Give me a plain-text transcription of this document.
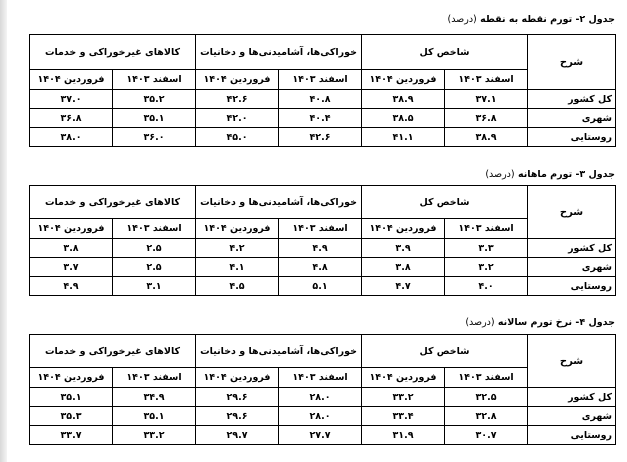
جدول ۲- تورم نقطه به نقطه (درصد)
شرح	شاخص کل		خوراکی‌ها، آشامیدنی‌ها و دخانیات		کالاهای غیرخوراکی و خدمات	
	اسفند ۱۴۰۳	فروردین ۱۴۰۴	اسفند ۱۴۰۳	فروردین ۱۴۰۴	اسفند ۱۴۰۳	فروردین ۱۴۰۴
کل کشور	۳۷.۱	۳۸.۹	۴۰.۸	۴۲.۶	۳۵.۲	۳۷.۰
شهری	۳۶.۸	۳۸.۵	۴۰.۴	۴۲.۰	۳۵.۱	۳۶.۸
روستایی	۳۸.۹	۴۱.۱	۴۲.۶	۴۵.۰	۳۶.۰	۳۸.۰
جدول ۳- تورم ماهانه (درصد)
شرح	شاخص کل		خوراکی‌ها، آشامیدنی‌ها و دخانیات		کالاهای غیرخوراکی و خدمات	
	اسفند ۱۴۰۳	فروردین ۱۴۰۴	اسفند ۱۴۰۳	فروردین ۱۴۰۴	اسفند ۱۴۰۳	فروردین ۱۴۰۴
کل کشور	۳.۳	۳.۹	۴.۹	۴.۲	۲.۵	۳.۸
شهری	۳.۲	۳.۸	۴.۸	۴.۱	۲.۵	۳.۷
روستایی	۴.۰	۴.۷	۵.۱	۴.۵	۳.۱	۴.۹
جدول ۴- نرخ تورم سالانه (درصد)
شرح	شاخص کل		خوراکی‌ها، آشامیدنی‌ها و دخانیات		کالاهای غیرخوراکی و خدمات	
	اسفند ۱۴۰۳	فروردین ۱۴۰۴	اسفند ۱۴۰۳	فروردین ۱۴۰۴	اسفند ۱۴۰۳	فروردین ۱۴۰۴
کل کشور	۳۲.۵	۳۳.۲	۲۸.۰	۲۹.۶	۳۴.۹	۳۵.۱
شهری	۳۲.۸	۳۳.۴	۲۸.۰	۲۹.۶	۳۵.۱	۳۵.۳
روستایی	۳۰.۷	۳۱.۹	۲۷.۷	۲۹.۷	۳۳.۲	۳۳.۷
